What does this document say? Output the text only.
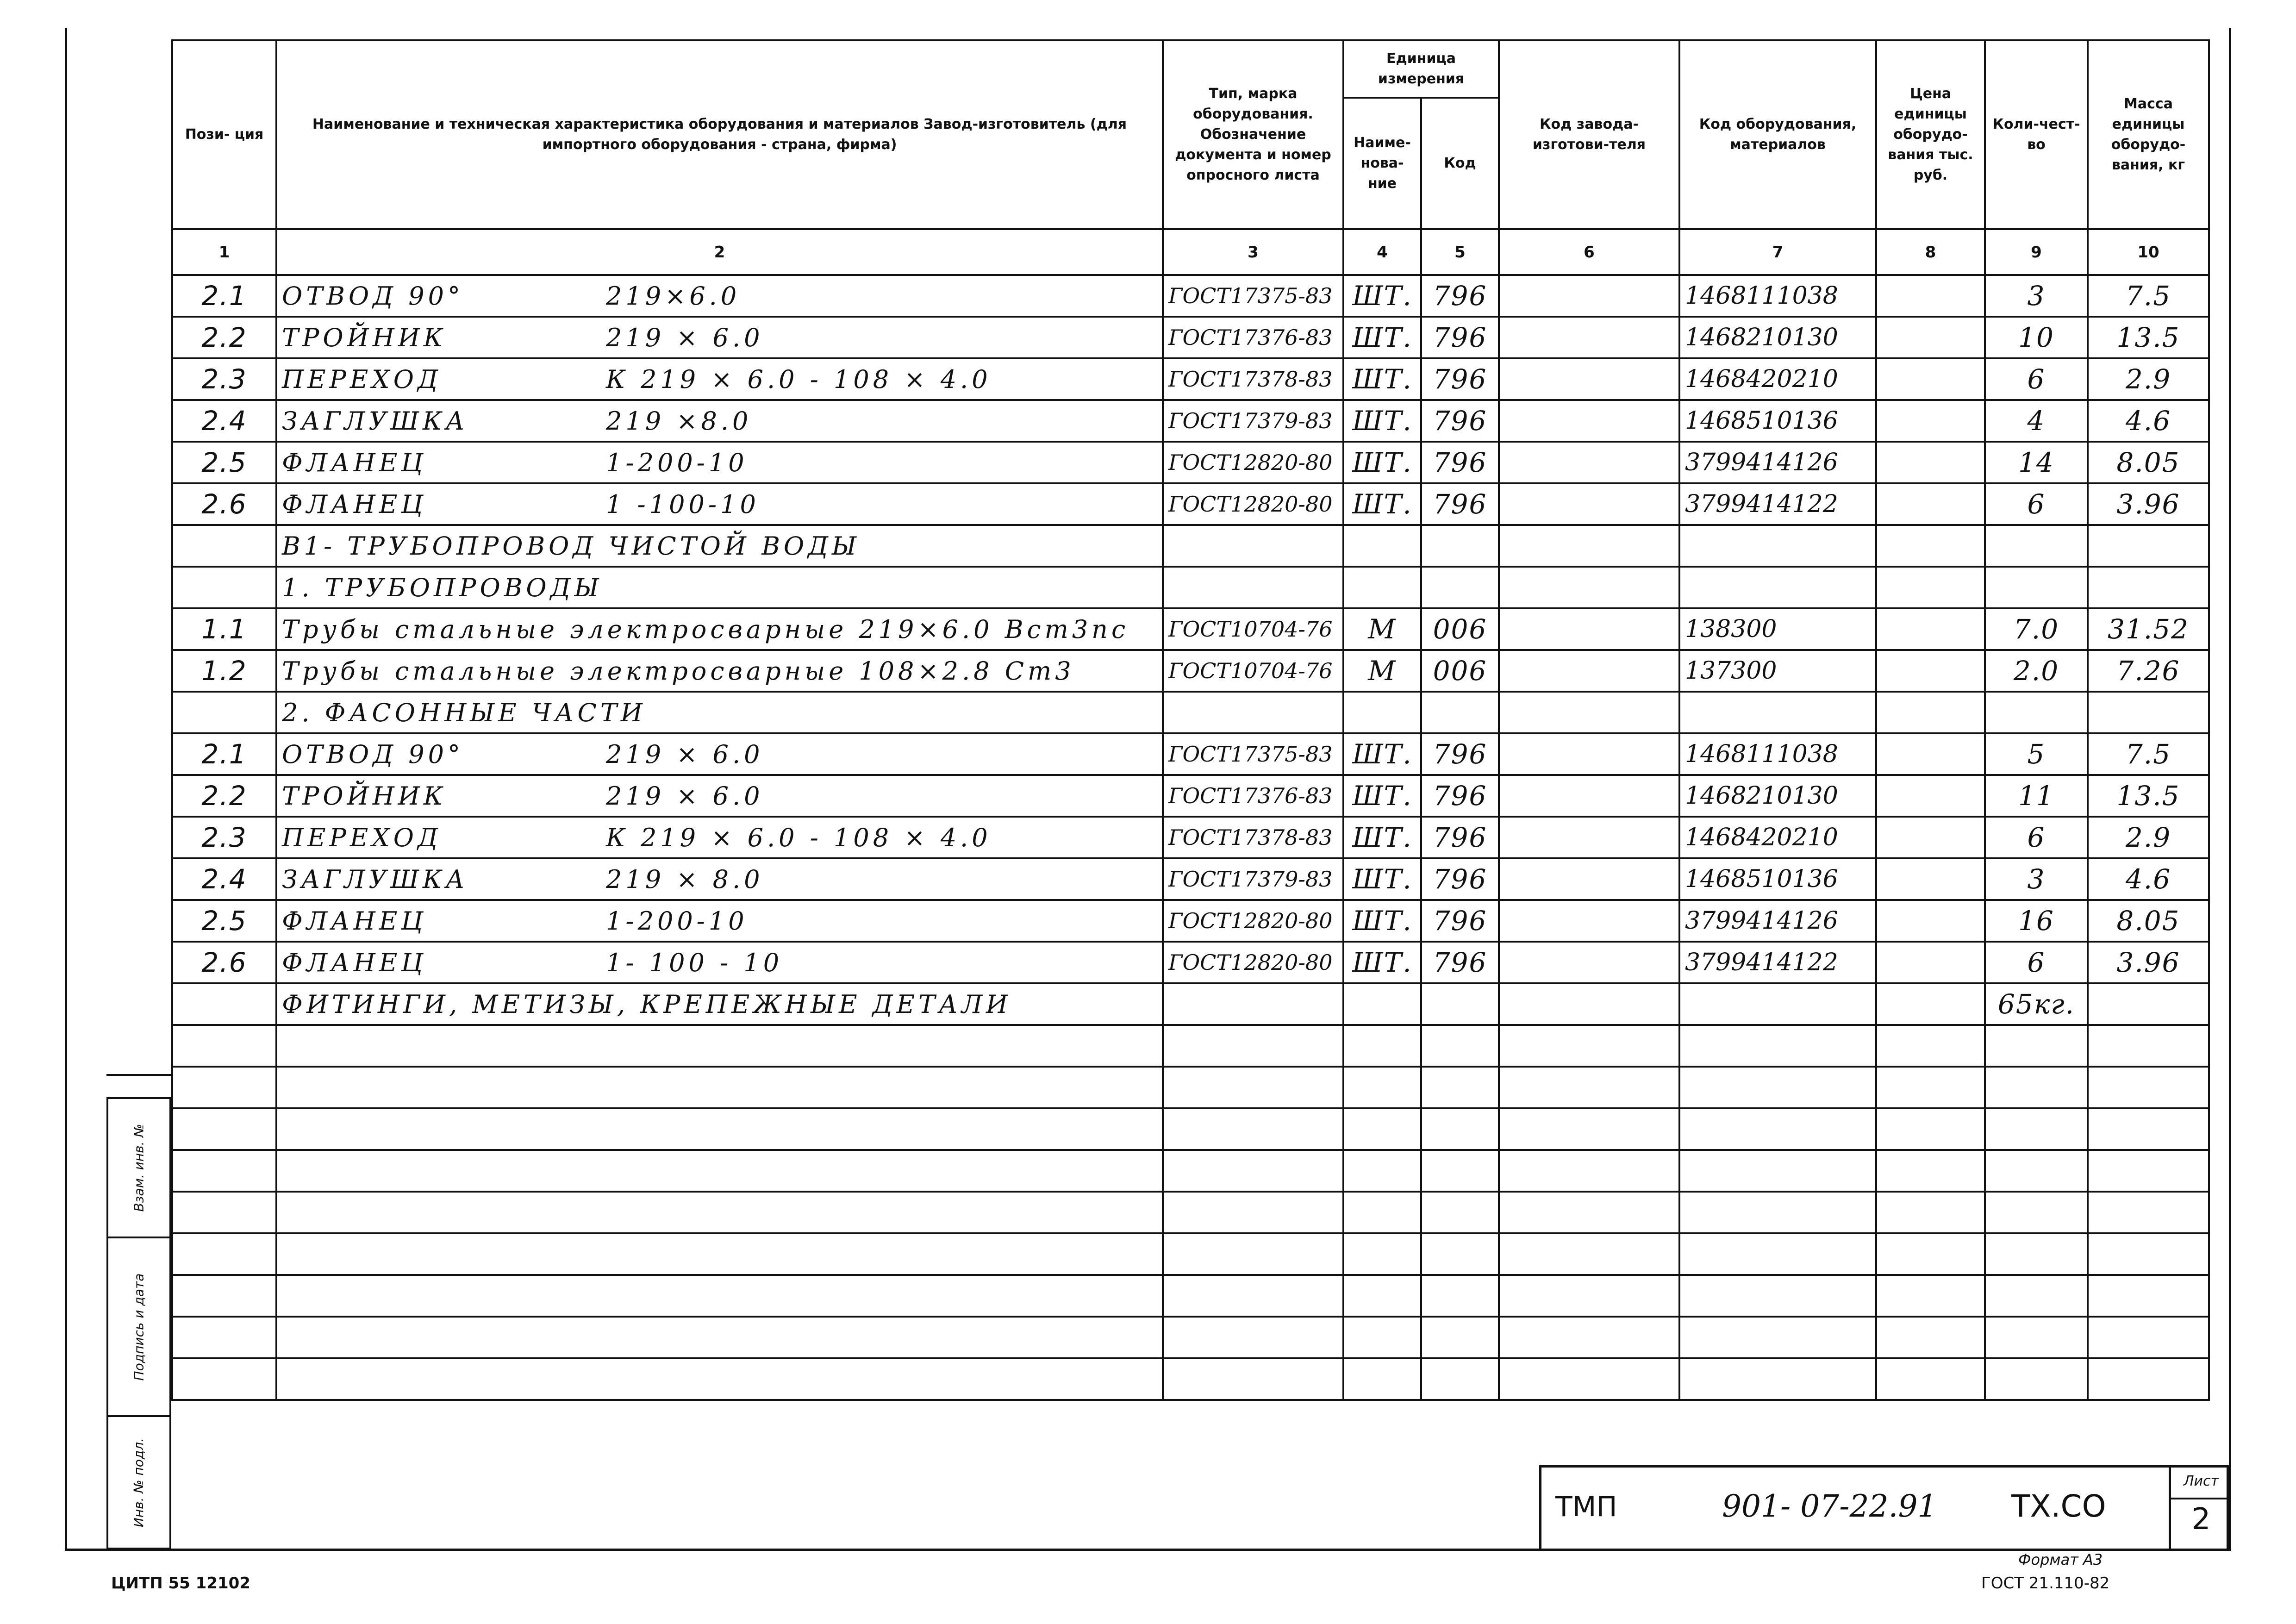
Пози- ция	Наименование и техническая характеристика оборудования и материалов Завод-изготовитель (для импортного оборудования - страна, фирма)	Тип, марка оборудования. Обозначение документа и номер опросного листа	Единица измерения		Код завода-изготови-теля	Код оборудования, материалов	Цена единицы оборудо-вания тыс. руб.	Коли-чест-во	Масса единицы оборудо-вания, кг
			Наиме-нова-ние	Код					
1	2	3	4	5	6	7	8	9	10
2.1	ОТВОД 90° 219×6.0	ГОСТ17375-83	ШТ.	796		1468111038		3	7.5
2.2	ТРОЙНИК 219 × 6.0	ГОСТ17376-83	ШТ.	796		1468210130		10	13.5
2.3	ПЕРЕХОД К 219 × 6.0 - 108 × 4.0	ГОСТ17378-83	ШТ.	796		1468420210		6	2.9
2.4	ЗАГЛУШКА 219 ×8.0	ГОСТ17379-83	ШТ.	796		1468510136		4	4.6
2.5	ФЛАНЕЦ 1-200-10	ГОСТ12820-80	ШТ.	796		3799414126		14	8.05
2.6	ФЛАНЕЦ 1 -100-10	ГОСТ12820-80	ШТ.	796		3799414122		6	3.96
	В1- ТРУБОПРОВОД ЧИСТОЙ ВОДЫ								
	1. ТРУБОПРОВОДЫ								
1.1	Трубы стальные электросварные 219×6.0 Вст3пс	ГОСТ10704-76	М	006		138300		7.0	31.52
1.2	Трубы стальные электросварные 108×2.8 Ст3	ГОСТ10704-76	М	006		137300		2.0	7.26
	2. ФАСОННЫЕ ЧАСТИ								
2.1	ОТВОД 90° 219 × 6.0	ГОСТ17375-83	ШТ.	796		1468111038		5	7.5
2.2	ТРОЙНИК 219 × 6.0	ГОСТ17376-83	ШТ.	796		1468210130		11	13.5
2.3	ПЕРЕХОД К 219 × 6.0 - 108 × 4.0	ГОСТ17378-83	ШТ.	796		1468420210		6	2.9
2.4	ЗАГЛУШКА 219 × 8.0	ГОСТ17379-83	ШТ.	796		1468510136		3	4.6
2.5	ФЛАНЕЦ 1-200-10	ГОСТ12820-80	ШТ.	796		3799414126		16	8.05
2.6	ФЛАНЕЦ 1- 100 - 10	ГОСТ12820-80	ШТ.	796		3799414122		6	3.96
	ФИТИНГИ, МЕТИЗЫ, КРЕПЕЖНЫЕ ДЕТАЛИ							65кг.	

Взам. инв. №
Подпись и дата
Инв. № подл.	ТМП	901- 07-22.91 ТХ.СО
Лист
2
ЦИТП 55 12102
Формат А3
ГОСТ 21.110-82
